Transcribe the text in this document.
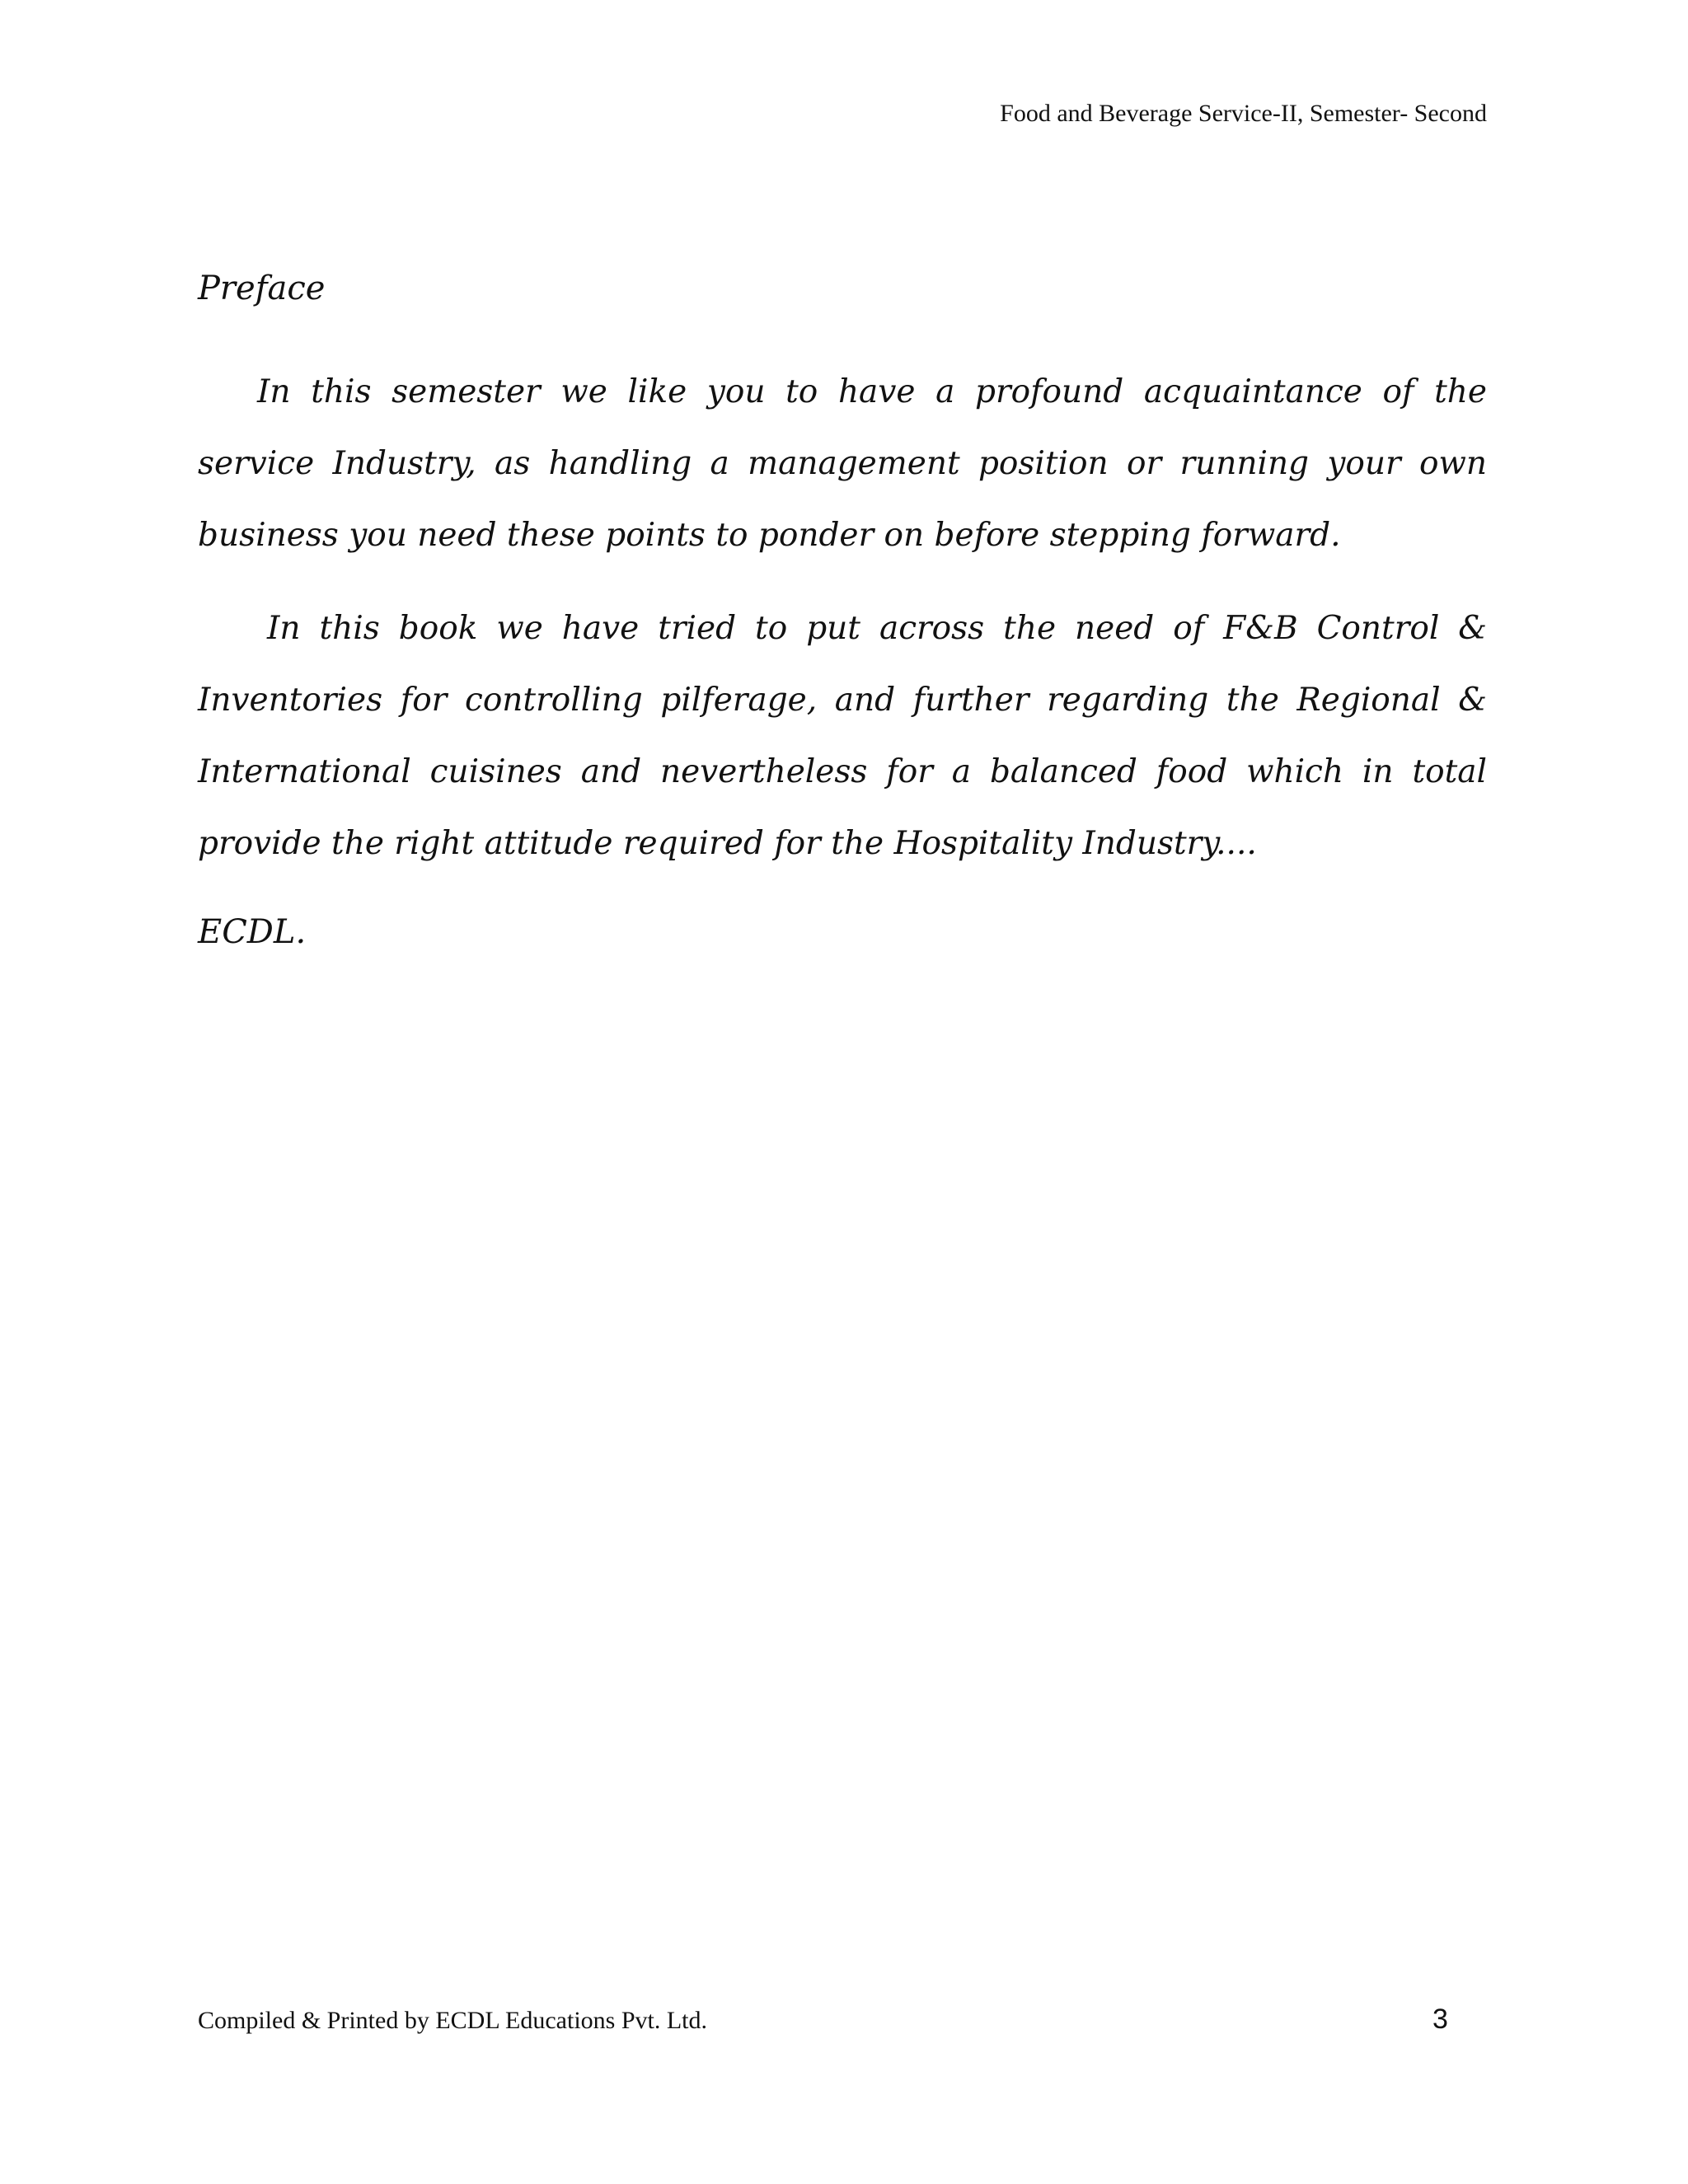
Food and Beverage Service-II, Semester- Second
Preface

In this semester we like you to have a profound acquaintance of the service Industry, as handling a management position or running your own business you need these points to ponder on before stepping forward.

In this book we have tried to put across the need of F&B Control & Inventories for controlling pilferage, and further regarding the Regional & International cuisines and nevertheless for a balanced food which in total provide the right attitude required for the Hospitality Industry....

ECDL.
Compiled & Printed by ECDL Educations Pvt. Ltd.	3
